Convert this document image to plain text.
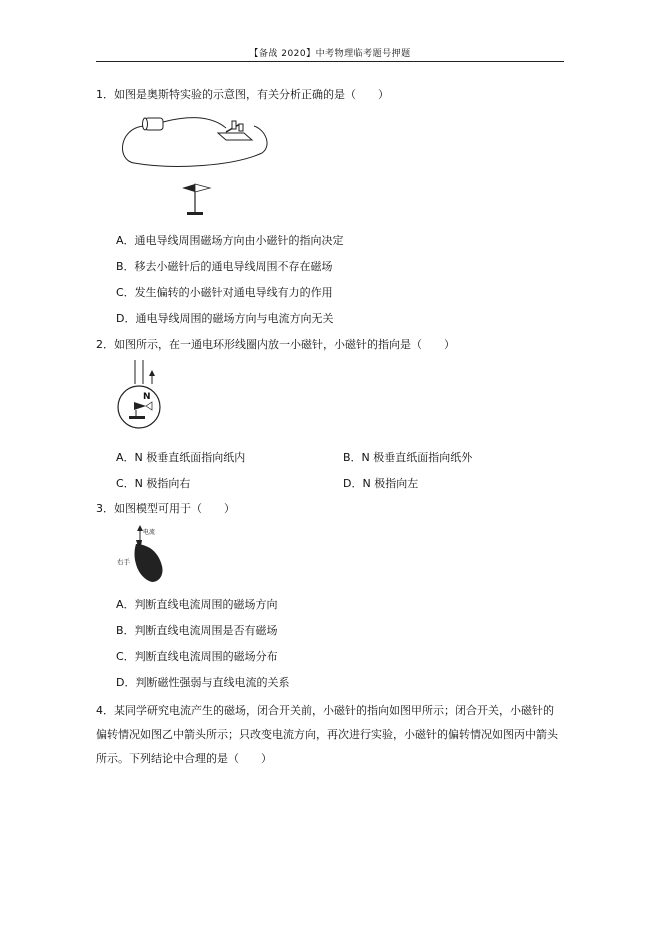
【备战 2020】中考物理临考题号押题
1．如图是奥斯特实验的示意图，有关分析正确的是（　　）
A．通电导线周围磁场方向由小磁针的指向决定
B．移去小磁针后的通电导线周围不存在磁场
C．发生偏转的小磁针对通电导线有力的作用
D．通电导线周围的磁场方向与电流方向无关
2．如图所示，在一通电环形线圈内放一小磁针，小磁针的指向是（　　）
N
A．N 极垂直纸面指向纸内	B．N 极垂直纸面指向纸外
C．N 极指向右	D．N 极指向左
3．如图模型可用于（　　）
电流
右手
A．判断直线电流周围的磁场方向
B．判断直线电流周围是否有磁场
C．判断直线电流周围的磁场分布
D．判断磁性强弱与直线电流的关系
4．某同学研究电流产生的磁场，闭合开关前，小磁针的指向如图甲所示；闭合开关，小磁针的偏转情况如图乙中箭头所示；只改变电流方向，再次进行实验，小磁针的偏转情况如图丙中箭头所示。下列结论中合理的是（　　）
